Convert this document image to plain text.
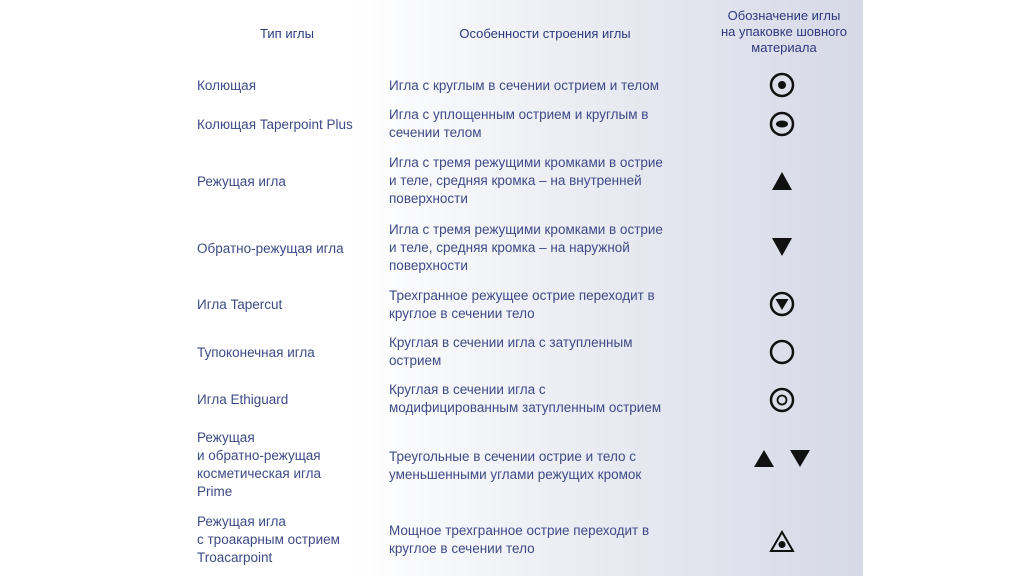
Тип иглы	Особенности строения иглы
Обозначение иглы
на упаковке шовного
материала
Колющая	Игла с круглым в сечении острием и телом
Колющая Taperpoint Plus
Игла с уплощенным острием и круглым в
сечении телом
Режущая игла
Игла с тремя режущими кромками в острие
и теле, средняя кромка – на внутренней
поверхности
Обратно-режущая игла
Игла с тремя режущими кромками в острие
и теле, средняя кромка – на наружной
поверхности
Игла Tapercut
Трехгранное режущее острие переходит в
круглое в сечении тело
Тупоконечная игла
Круглая в сечении игла с затупленным
острием
Игла Ethiguard
Круглая в сечении игла с
модифицированным затупленным острием
Режущая
и обратно-режущая
косметическая игла
Prime
Треугольные в сечении острие и тело с
уменьшенными углами режущих кромок
Режущая игла
с троакарным острием
Troacarpoint
Мощное трехгранное острие переходит в
круглое в сечении тело
